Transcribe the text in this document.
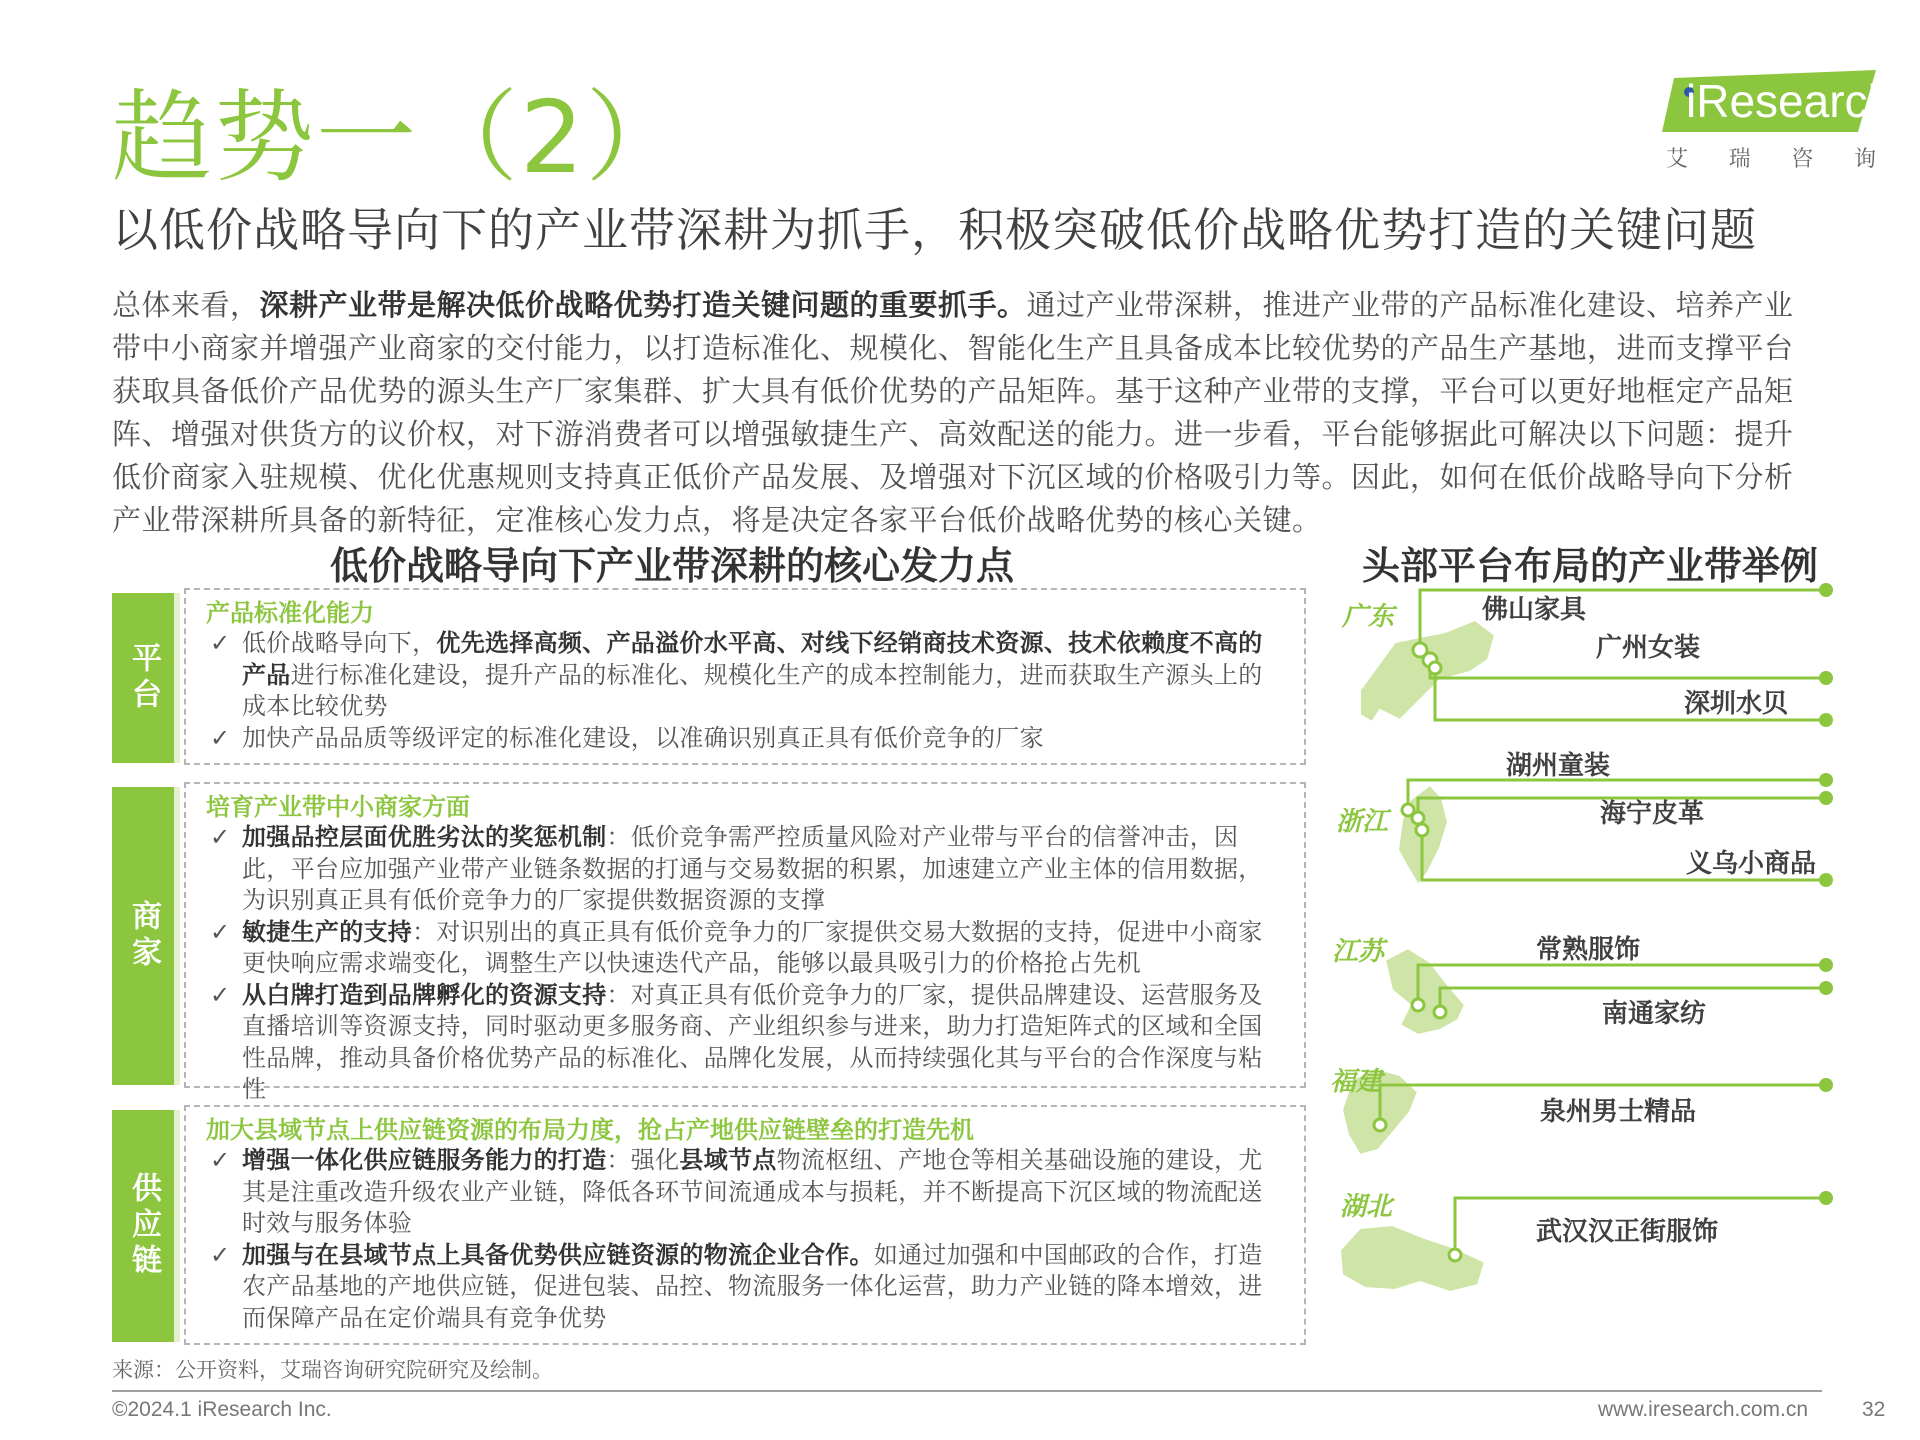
趋势一（2）
以低价战略导向下的产业带深耕为抓手，积极突破低价战略优势打造的关键问题
iResearch
艾 瑞 咨 询
总体来看，深耕产业带是解决低价战略优势打造关键问题的重要抓手。通过产业带深耕，推进产业带的产品标准化建设、培养产业带中小商家并增强产业商家的交付能力，以打造标准化、规模化、智能化生产且具备成本比较优势的产品生产基地，进而支撑平台获取具备低价产品优势的源头生产厂家集群、扩大具有低价优势的产品矩阵。基于这种产业带的支撑，平台可以更好地框定产品矩阵、增强对供货方的议价权，对下游消费者可以增强敏捷生产、高效配送的能力。进一步看，平台能够据此可解决以下问题：提升低价商家入驻规模、优化优惠规则支持真正低价产品发展、及增强对下沉区域的价格吸引力等。因此，如何在低价战略导向下分析产业带深耕所具备的新特征，定准核心发力点，将是决定各家平台低价战略优势的核心关键。
低价战略导向下产业带深耕的核心发力点
平
台
商
家
供
应
链
产品标准化能力
✓ 低价战略导向下，优先选择高频、产品溢价水平高、对线下经销商技术资源、技术依赖度不高的产品进行标准化建设，提升产品的标准化、规模化生产的成本控制能力，进而获取生产源头上的成本比较优势
✓ 加快产品品质等级评定的标准化建设，以准确识别真正具有低价竞争的厂家
培育产业带中小商家方面
✓ 加强品控层面优胜劣汰的奖惩机制：低价竞争需严控质量风险对产业带与平台的信誉冲击，因此，平台应加强产业带产业链条数据的打通与交易数据的积累，加速建立产业主体的信用数据，为识别真正具有低价竞争力的厂家提供数据资源的支撑
✓ 敏捷生产的支持：对识别出的真正具有低价竞争力的厂家提供交易大数据的支持，促进中小商家更快响应需求端变化，调整生产以快速迭代产品，能够以最具吸引力的价格抢占先机
✓ 从白牌打造到品牌孵化的资源支持：对真正具有低价竞争力的厂家，提供品牌建设、运营服务及直播培训等资源支持，同时驱动更多服务商、产业组织参与进来，助力打造矩阵式的区域和全国性品牌，推动具备价格优势产品的标准化、品牌化发展，从而持续强化其与平台的合作深度与粘性
加大县域节点上供应链资源的布局力度，抢占产地供应链壁垒的打造先机
✓ 增强一体化供应链服务能力的打造：强化县域节点物流枢纽、产地仓等相关基础设施的建设，尤其是注重改造升级农业产业链，降低各环节间流通成本与损耗，并不断提高下沉区域的物流配送时效与服务体验
✓ 加强与在县域节点上具备优势供应链资源的物流企业合作。如通过加强和中国邮政的合作，打造农产品基地的产地供应链，促进包装、品控、物流服务一体化运营，助力产业链的降本增效，进而保障产品在定价端具有竞争优势
头部平台布局的产业带举例
广东
浙江
江苏
福建
湖北
佛山家具
广州女装
深圳水贝
湖州童装
海宁皮革
义乌小商品
常熟服饰
南通家纺
泉州男士精品
武汉汉正街服饰
来源：公开资料，艾瑞咨询研究院研究及绘制。
©2024.1 iResearch Inc.	www.iresearch.com.cn	32
